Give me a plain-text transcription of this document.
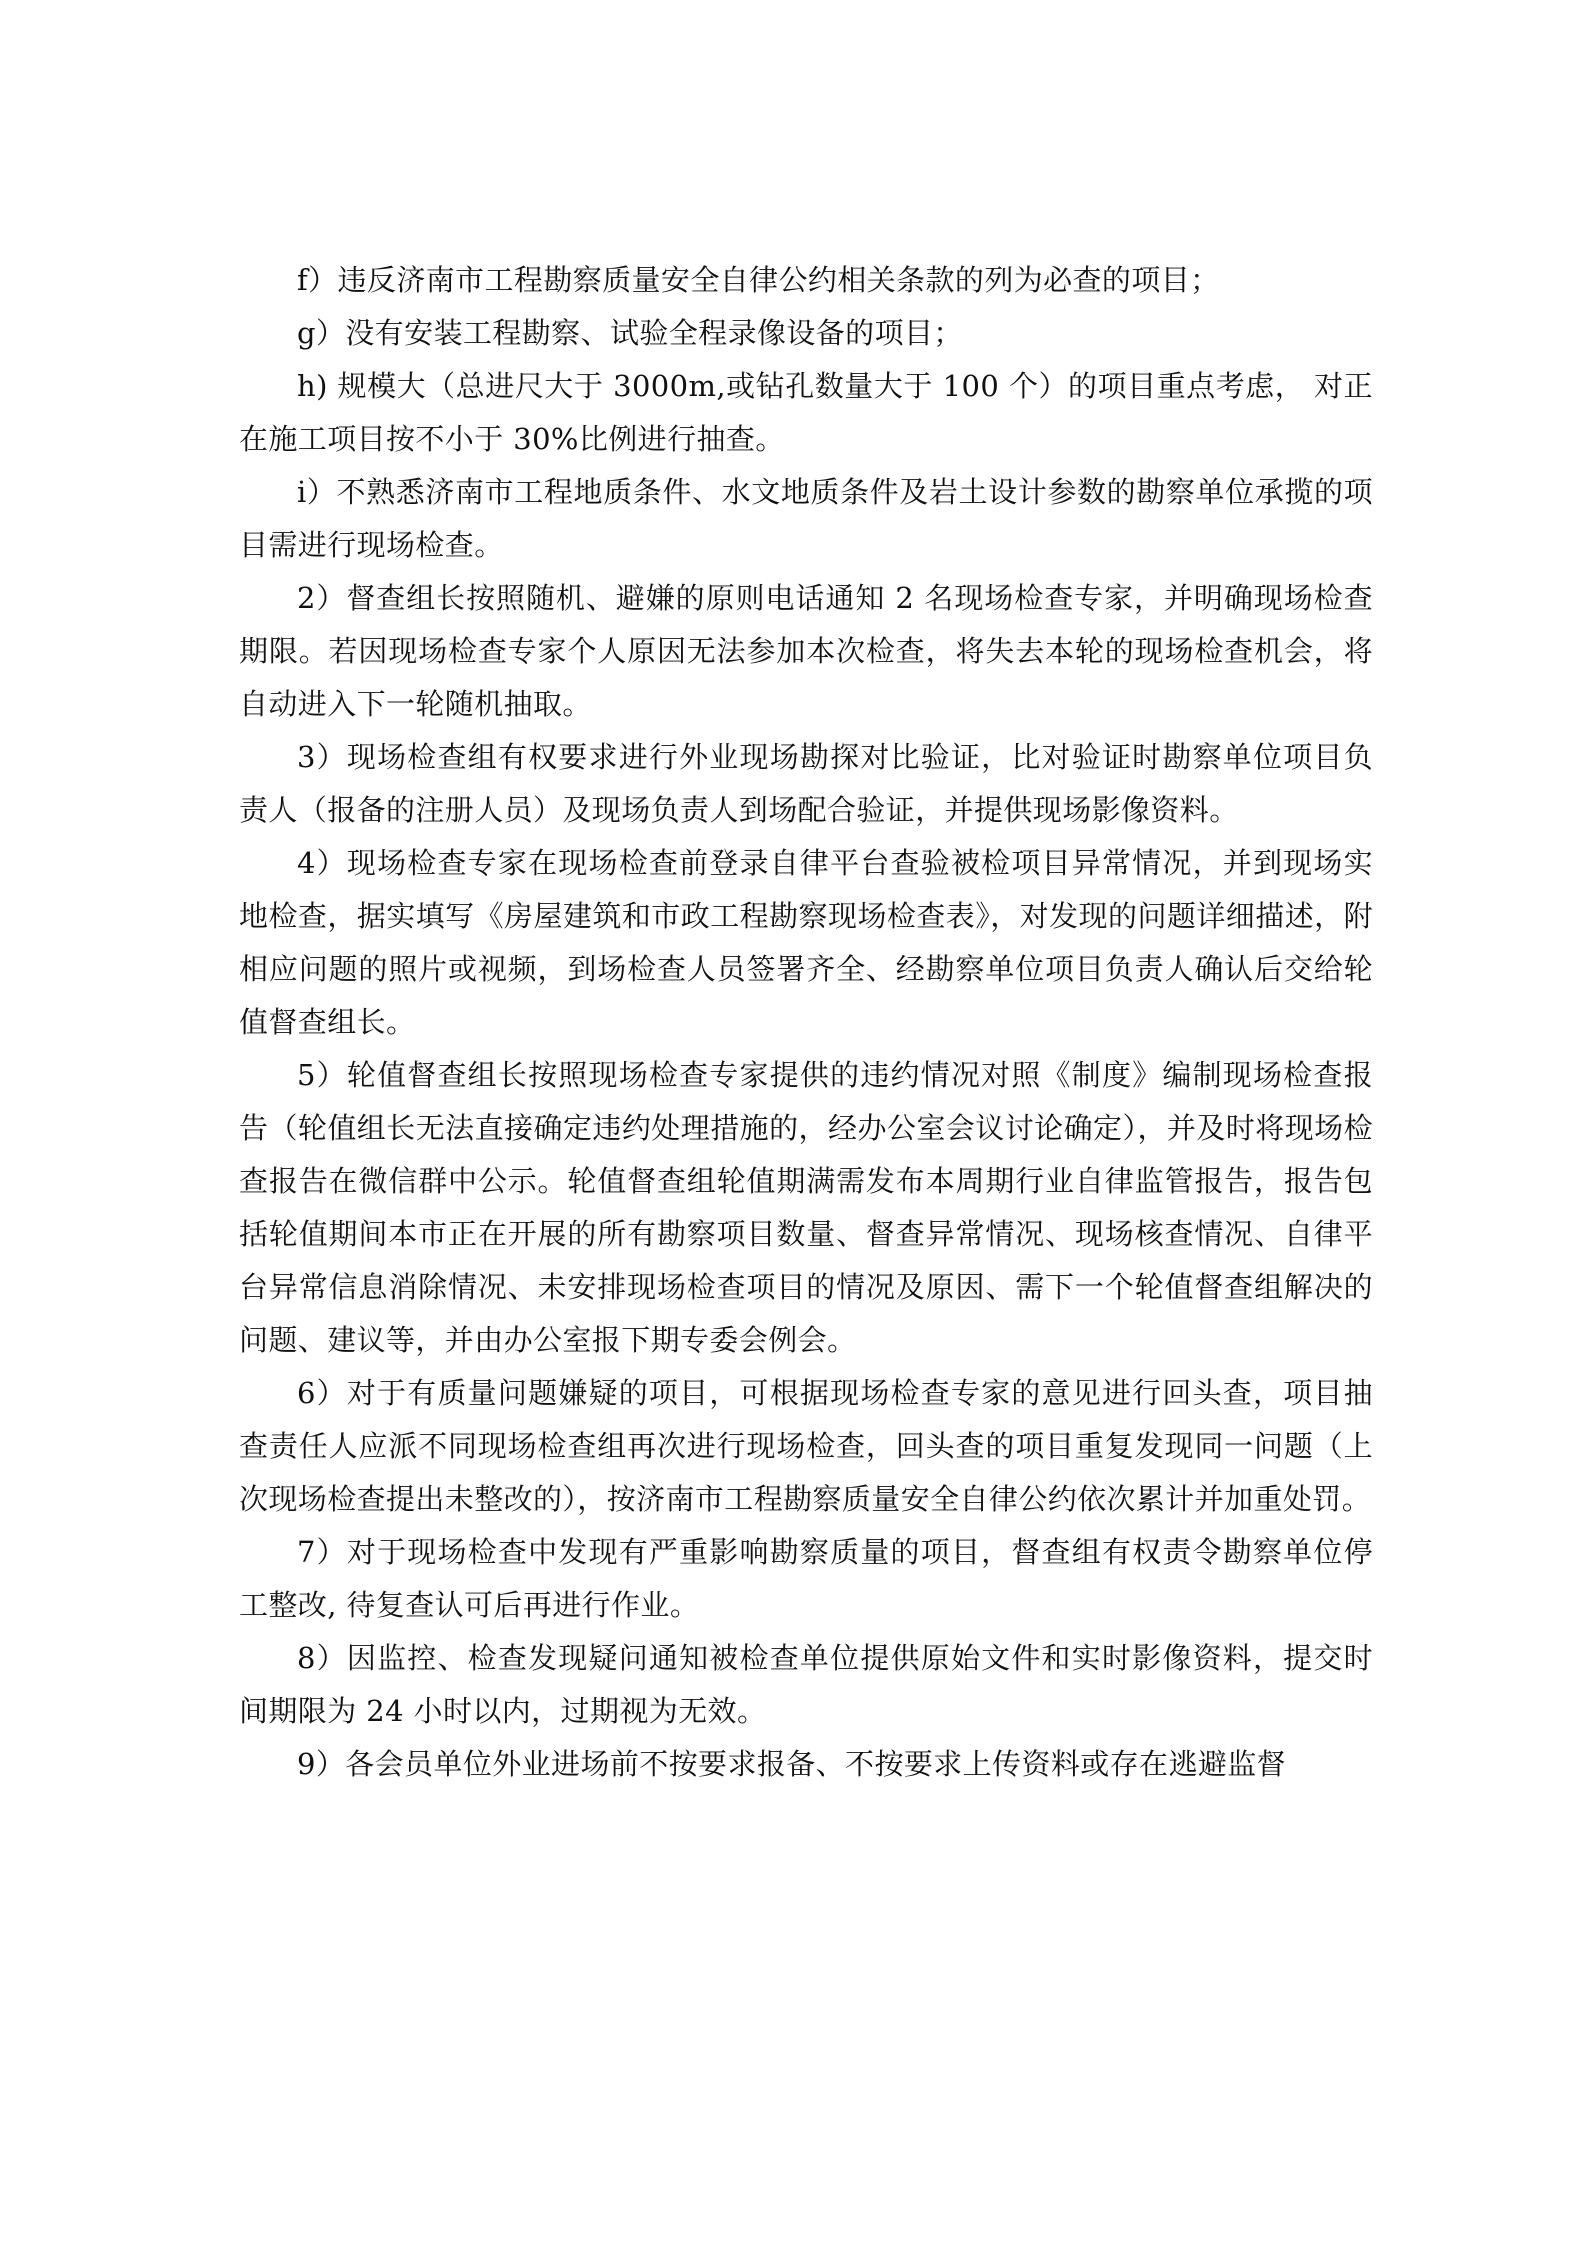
f）违反济南市工程勘察质量安全自律公约相关条款的列为必查的项目；

g）没有安装工程勘察、试验全程录像设备的项目；

h) 规模大（总进尺大于 3000m,或钻孔数量大于 100 个）的项目重点考虑， 对正在施工项目按不小于 30%比例进行抽查。

i）不熟悉济南市工程地质条件、水文地质条件及岩土设计参数的勘察单位承揽的项目需进行现场检查。

2）督查组长按照随机、避嫌的原则电话通知 2 名现场检查专家，并明确现场检查期限。若因现场检查专家个人原因无法参加本次检查，将失去本轮的现场检查机会，将自动进入下一轮随机抽取。

3）现场检查组有权要求进行外业现场勘探对比验证，比对验证时勘察单位项目负责人（报备的注册人员）及现场负责人到场配合验证，并提供现场影像资料。

4）现场检查专家在现场检查前登录自律平台查验被检项目异常情况，并到现场实地检查，据实填写《房屋建筑和市政工程勘察现场检查表》，对发现的问题详细描述，附相应问题的照片或视频，到场检查人员签署齐全、经勘察单位项目负责人确认后交给轮值督查组长。

5）轮值督查组长按照现场检查专家提供的违约情况对照《制度》编制现场检查报告（轮值组长无法直接确定违约处理措施的，经办公室会议讨论确定），并及时将现场检查报告在微信群中公示。轮值督查组轮值期满需发布本周期行业自律监管报告，报告包括轮值期间本市正在开展的所有勘察项目数量、督查异常情况、现场核查情况、自律平台异常信息消除情况、未安排现场检查项目的情况及原因、需下一个轮值督查组解决的问题、建议等，并由办公室报下期专委会例会。

6）对于有质量问题嫌疑的项目，可根据现场检查专家的意见进行回头查，项目抽查责任人应派不同现场检查组再次进行现场检查，回头查的项目重复发现同一问题（上次现场检查提出未整改的），按济南市工程勘察质量安全自律公约依次累计并加重处罚。

7）对于现场检查中发现有严重影响勘察质量的项目，督查组有权责令勘察单位停工整改, 待复查认可后再进行作业。

8）因监控、检查发现疑问通知被检查单位提供原始文件和实时影像资料，提交时间期限为 24 小时以内，过期视为无效。

9）各会员单位外业进场前不按要求报备、不按要求上传资料或存在逃避监督
